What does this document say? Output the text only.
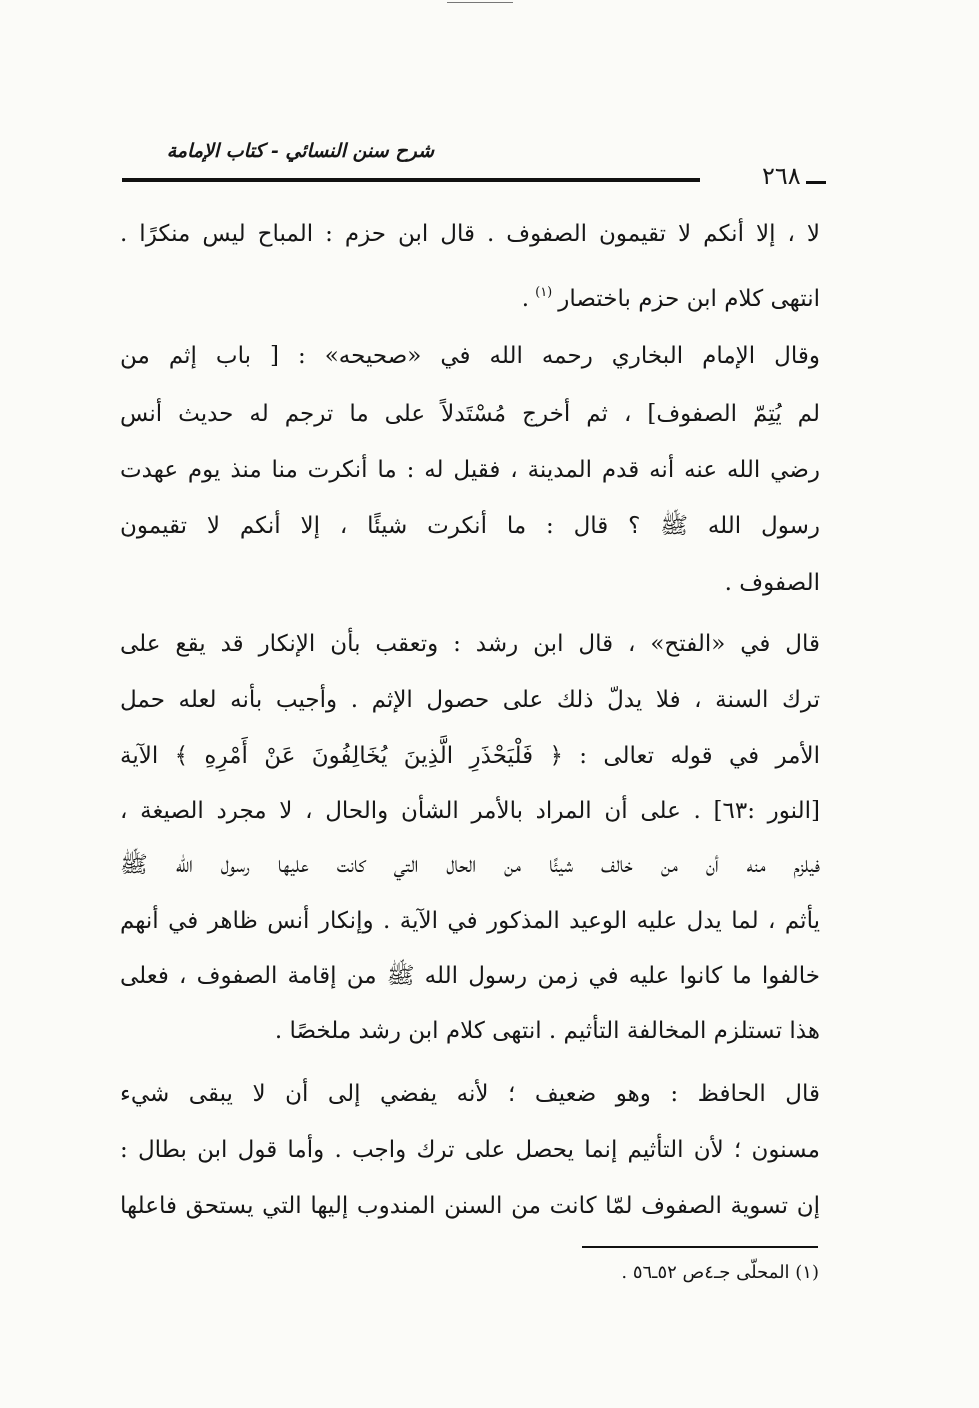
شرح سنن النسائي - كتاب الإمامة
٢٦٨
لا ، إلا أنكم لا تقيمون الصفوف . قال ابن حزم : المباح ليس منكرًا .
انتهى كلام ابن حزم باختصار$^{(١)}$.
وقال الإمام البخاري رحمه الله في «صحيحه» : [ باب إثم من
لم يُتِمّ الصفوف] ، ثم أخرج مُسْتَدلاً على ما ترجم له حديث أنس
رضي الله عنه أنه قدم المدينة ، فقيل له : ما أنكرت منا منذ يوم عهدت
رسول الله ﷺ ؟ قال : ما أنكرت شيئًا ، إلا أنكم لا تقيمون
الصفوف .
قال في «الفتح» ، قال ابن رشد : وتعقب بأن الإنكار قد يقع على
ترك السنة ، فلا يدلّ ذلك على حصول الإثم . وأجيب بأنه لعله حمل
الأمر في قوله تعالى : ﴿ فَلْيَحْذَرِ الَّذِينَ يُخَالِفُونَ عَنْ أَمْرِهِ ﴾ الآية
[النور :٦٣] . على أن المراد بالأمر الشأن والحال ، لا مجرد الصيغة ،
فيلزم منه أن من خالف شيئًا من الحال التي كانت عليها رسول الله ﷺ
يأثم ، لما يدل عليه الوعيد المذكور في الآية . وإنكار أنس ظاهر في أنهم
خالفوا ما كانوا عليه في زمن رسول الله ﷺ من إقامة الصفوف ، فعلى
هذا تستلزم المخالفة التأثيم . انتهى كلام ابن رشد ملخصًا .
قال الحافظ : وهو ضعيف ؛ لأنه يفضي إلى أن لا يبقى شيء
مسنون ؛ لأن التأثيم إنما يحصل على ترك واجب . وأما قول ابن بطال :
إن تسوية الصفوف لمّا كانت من السنن المندوب إليها التي يستحق فاعلها
(١) المحلّى جـ٤ص ٥٢ـ٥٦ .
